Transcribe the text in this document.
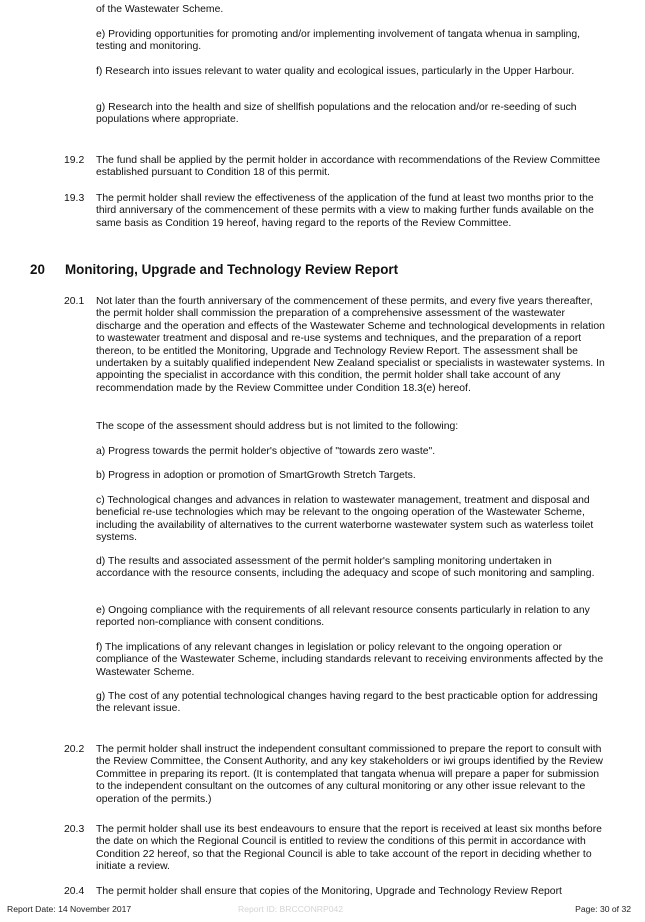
of the Wastewater Scheme.

e) Providing opportunities for promoting and/or implementing involvement of tangata whenua in sampling, testing and monitoring.

f) Research into issues relevant to water quality and ecological issues, particularly in the Upper Harbour.

g) Research into the health and size of shellfish populations and the relocation and/or re-seeding of such populations where appropriate.

19.2	The fund shall be applied by the permit holder in accordance with recommendations of the Review Committee established pursuant to Condition 18 of this permit.

19.3	The permit holder shall review the effectiveness of the application of the fund at least two months prior to the third anniversary of the commencement of these permits with a view to making further funds available on the same basis as Condition 19 hereof, having regard to the reports of the Review Committee.

20 Monitoring, Upgrade and Technology Review Report
20.1	Not later than the fourth anniversary of the commencement of these permits, and every five years thereafter, the permit holder shall commission the preparation of a comprehensive assessment of the wastewater discharge and the operation and effects of the Wastewater Scheme and technological developments in relation to wastewater treatment and disposal and re-use systems and techniques, and the preparation of a report thereon, to be entitled the Monitoring, Upgrade and Technology Review Report. The assessment shall be undertaken by a suitably qualified independent New Zealand specialist or specialists in wastewater systems. In appointing the specialist in accordance with this condition, the permit holder shall take account of any recommendation made by the Review Committee under Condition 18.3(e) hereof.

The scope of the assessment should address but is not limited to the following:

a) Progress towards the permit holder's objective of "towards zero waste".

b) Progress in adoption or promotion of SmartGrowth Stretch Targets.

c) Technological changes and advances in relation to wastewater management, treatment and disposal and beneficial re-use technologies which may be relevant to the ongoing operation of the Wastewater Scheme, including the availability of alternatives to the current waterborne wastewater system such as waterless toilet systems.

d) The results and associated assessment of the permit holder's sampling monitoring undertaken in accordance with the resource consents, including the adequacy and scope of such monitoring and sampling.

e) Ongoing compliance with the requirements of all relevant resource consents particularly in relation to any reported non-compliance with consent conditions.

f) The implications of any relevant changes in legislation or policy relevant to the ongoing operation or compliance of the Wastewater Scheme, including standards relevant to receiving environments affected by the Wastewater Scheme.

g) The cost of any potential technological changes having regard to the best practicable option for addressing the relevant issue.

20.2	The permit holder shall instruct the independent consultant commissioned to prepare the report to consult with the Review Committee, the Consent Authority, and any key stakeholders or iwi groups identified by the Review Committee in preparing its report. (It is contemplated that tangata whenua will prepare a paper for submission to the independent consultant on the outcomes of any cultural monitoring or any other issue relevant to the operation of the permits.)

20.3	The permit holder shall use its best endeavours to ensure that the report is received at least six months before the date on which the Regional Council is entitled to review the conditions of this permit in accordance with Condition 22 hereof, so that the Regional Council is able to take account of the report in deciding whether to initiate a review.

20.4	The permit holder shall ensure that copies of the Monitoring, Upgrade and Technology Review Report

Report Date: 14 November 2017	Report ID: BRCCONRP042	Page: 30 of 32
